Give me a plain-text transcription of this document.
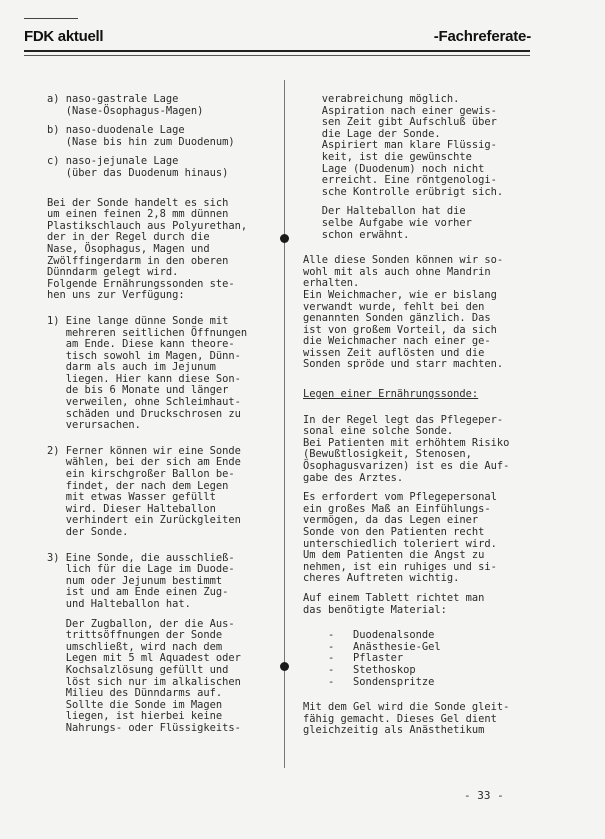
FDK aktuell	-Fachreferate-
a) naso-gastrale Lage
(Nase-Ösophagus-Magen)
b) naso-duodenale Lage
(Nase bis hin zum Duodenum)
c) naso-jejunale Lage
(über das Duodenum hinaus)
Bei der Sonde handelt es sich
um einen feinen 2,8 mm dünnen
Plastikschlauch aus Polyurethan,
der in der Regel durch die
Nase, Ösophagus, Magen und
Zwölffingerdarm in den oberen
Dünndarm gelegt wird.
Folgende Ernährungssonden ste-
hen uns zur Verfügung:
1) Eine lange dünne Sonde mit
mehreren seitlichen Öffnungen
am Ende. Diese kann theore-
tisch sowohl im Magen, Dünn-
darm als auch im Jejunum
liegen. Hier kann diese Son-
de bis 6 Monate und länger
verweilen, ohne Schleimhaut-
schäden und Druckschrosen zu
verursachen.
2) Ferner können wir eine Sonde
wählen, bei der sich am Ende
ein kirschgroßer Ballon be-
findet, der nach dem Legen
mit etwas Wasser gefüllt
wird. Dieser Halteballon
verhindert ein Zurückgleiten
der Sonde.
3) Eine Sonde, die ausschließ-
lich für die Lage im Duode-
num oder Jejunum bestimmt
ist und am Ende einen Zug-
und Halteballon hat.
Der Zugballon, der die Aus-
trittsöffnungen der Sonde
umschließt, wird nach dem
Legen mit 5 ml Aquadest oder
Kochsalzlösung gefüllt und
löst sich nur im alkalischen
Milieu des Dünndarms auf.
Sollte die Sonde im Magen
liegen, ist hierbei keine
Nahrungs- oder Flüssigkeits-
verabreichung möglich.
Aspiration nach einer gewis-
sen Zeit gibt Aufschluß über
die Lage der Sonde.
Aspiriert man klare Flüssig-
keit, ist die gewünschte
Lage (Duodenum) noch nicht
erreicht. Eine röntgenologi-
sche Kontrolle erübrigt sich.
Der Halteballon hat die
selbe Aufgabe wie vorher
schon erwähnt.
Alle diese Sonden können wir so-
wohl mit als auch ohne Mandrin
erhalten.
Ein Weichmacher, wie er bislang
verwandt wurde, fehlt bei den
genannten Sonden gänzlich. Das
ist von großem Vorteil, da sich
die Weichmacher nach einer ge-
wissen Zeit auflösten und die
Sonden spröde und starr machten.
Legen einer Ernährungssonde:
In der Regel legt das Pflegeper-
sonal eine solche Sonde.
Bei Patienten mit erhöhtem Risiko
(Bewußtlosigkeit, Stenosen,
Ösophagusvarizen) ist es die Auf-
gabe des Arztes.
Es erfordert vom Pflegepersonal
ein großes Maß an Einfühlungs-
vermögen, da das Legen einer
Sonde von den Patienten recht
unterschiedlich toleriert wird.
Um dem Patienten die Angst zu
nehmen, ist ein ruhiges und si-
cheres Auftreten wichtig.
Auf einem Tablett richtet man
das benötigte Material:
-   Duodenalsonde
-   Anästhesie-Gel
-   Pflaster
-   Stethoskop
-   Sondenspritze
Mit dem Gel wird die Sonde gleit-
fähig gemacht. Dieses Gel dient
gleichzeitig als Anästhetikum
- 33 -
